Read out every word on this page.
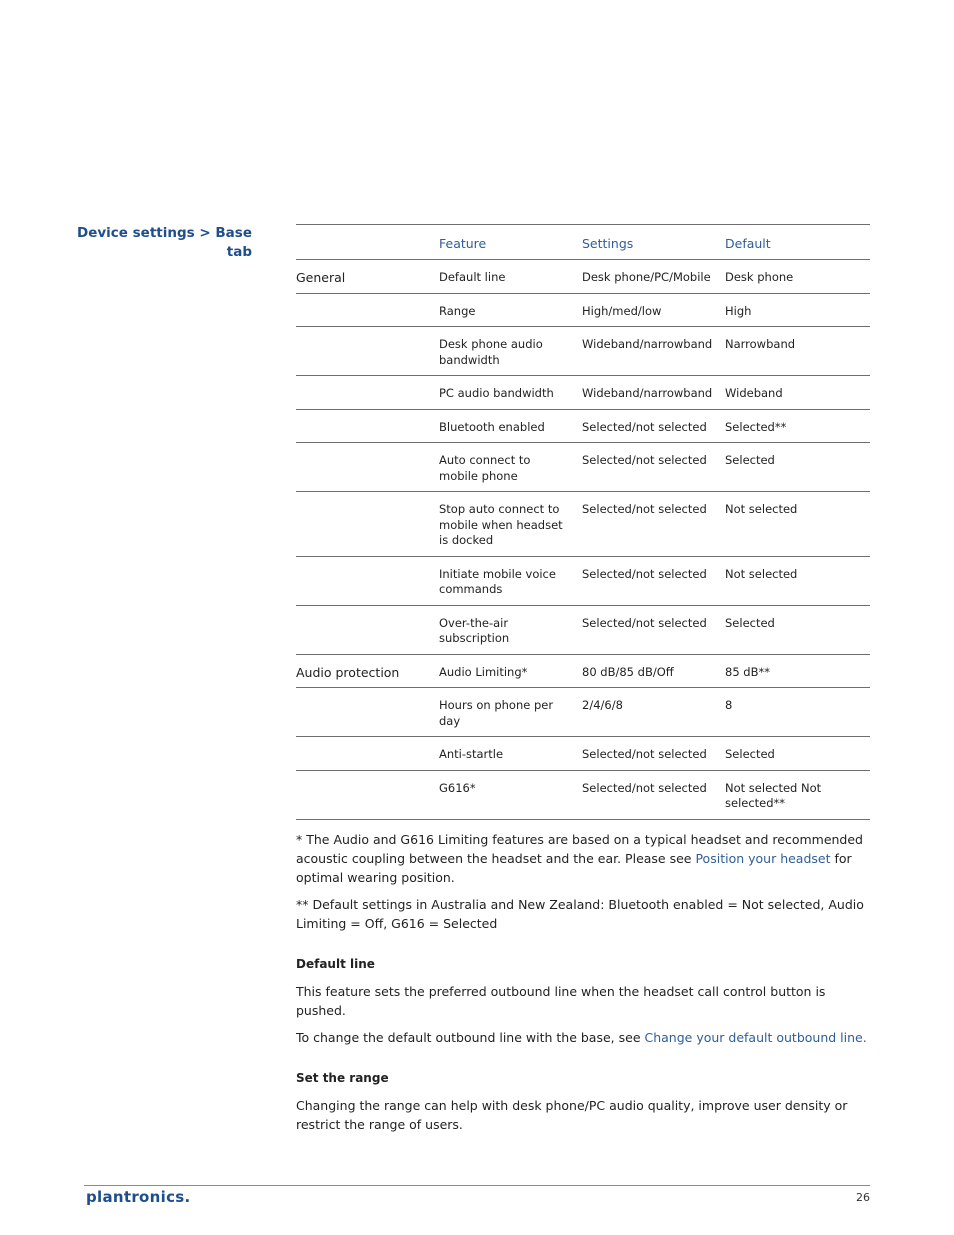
Device settings > Base tab
	Feature	Settings	Default
General	Default line	Desk phone/PC/Mobile	Desk phone
	Range	High/med/low	High
	Desk phone audio bandwidth	Wideband/narrowband	Narrowband
	PC audio bandwidth	Wideband/narrowband	Wideband
	Bluetooth enabled	Selected/not selected	Selected**
	Auto connect to mobile phone	Selected/not selected	Selected
	Stop auto connect to mobile when headset is docked	Selected/not selected	Not selected
	Initiate mobile voice commands	Selected/not selected	Not selected
	Over-the-air subscription	Selected/not selected	Selected
Audio protection	Audio Limiting*	80 dB/85 dB/Off	85 dB**
	Hours on phone per day	2/4/6/8	8
	Anti-startle	Selected/not selected	Selected
	G616*	Selected/not selected	Not selected Not selected**

* The Audio and G616 Limiting features are based on a typical headset and recommended acoustic coupling between the headset and the ear. Please see Position your headset for optimal wearing position.

** Default settings in Australia and New Zealand: Bluetooth enabled = Not selected, Audio Limiting = Off, G616 = Selected

Default line

This feature sets the preferred outbound line when the headset call control button is pushed.

To change the default outbound line with the base, see Change your default outbound line.

Set the range

Changing the range can help with desk phone/PC audio quality, improve user density or restrict the range of users.

plantronics.	26
